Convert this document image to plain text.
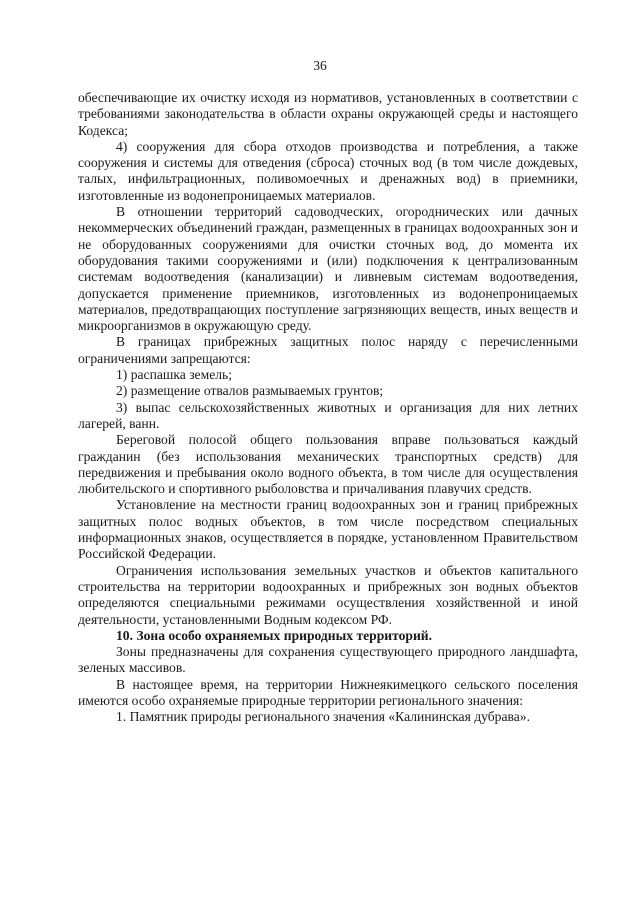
36

обеспечивающие их очистку исходя из нормативов, установленных в соответствии с требованиями законодательства в области охраны окружающей среды и настоящего Кодекса;

4) сооружения для сбора отходов производства и потребления, а также сооружения и системы для отведения (сброса) сточных вод (в том числе дождевых, талых, инфильтрационных, поливомоечных и дренажных вод) в приемники, изготовленные из водонепроницаемых материалов.

В отношении территорий садоводческих, огороднических или дачных некоммерческих объединений граждан, размещенных в границах водоохранных зон и не оборудованных сооружениями для очистки сточных вод, до момента их оборудования такими сооружениями и (или) подключения к централизованным системам водоотведения (канализации) и ливневым системам водоотведения, допускается применение приемников, изготовленных из водонепроницаемых материалов, предотвращающих поступление загрязняющих веществ, иных веществ и микроорганизмов в окружающую среду.

В границах прибрежных защитных полос наряду с перечисленными ограничениями запрещаются:

1) распашка земель;

2) размещение отвалов размываемых грунтов;

3) выпас сельскохозяйственных животных и организация для них летних лагерей, ванн.

Береговой полосой общего пользования вправе пользоваться каждый гражданин (без использования механических транспортных средств) для передвижения и пребывания около водного объекта, в том числе для осуществления любительского и спортивного рыболовства и причаливания плавучих средств.

Установление на местности границ водоохранных зон и границ прибрежных защитных полос водных объектов, в том числе посредством специальных информационных знаков, осуществляется в порядке, установленном Правительством Российской Федерации.

Ограничения использования земельных участков и объектов капитального строительства на территории водоохранных и прибрежных зон водных объектов определяются специальными режимами осуществления хозяйственной и иной деятельности, установленными Водным кодексом РФ.

10. Зона особо охраняемых природных территорий.

Зоны предназначены для сохранения существующего природного ландшафта, зеленых массивов.

В настоящее время, на территории Нижнеякимецкого сельского поселения имеются особо охраняемые природные территории регионального значения:

1. Памятник природы регионального значения «Калининская дубрава».
